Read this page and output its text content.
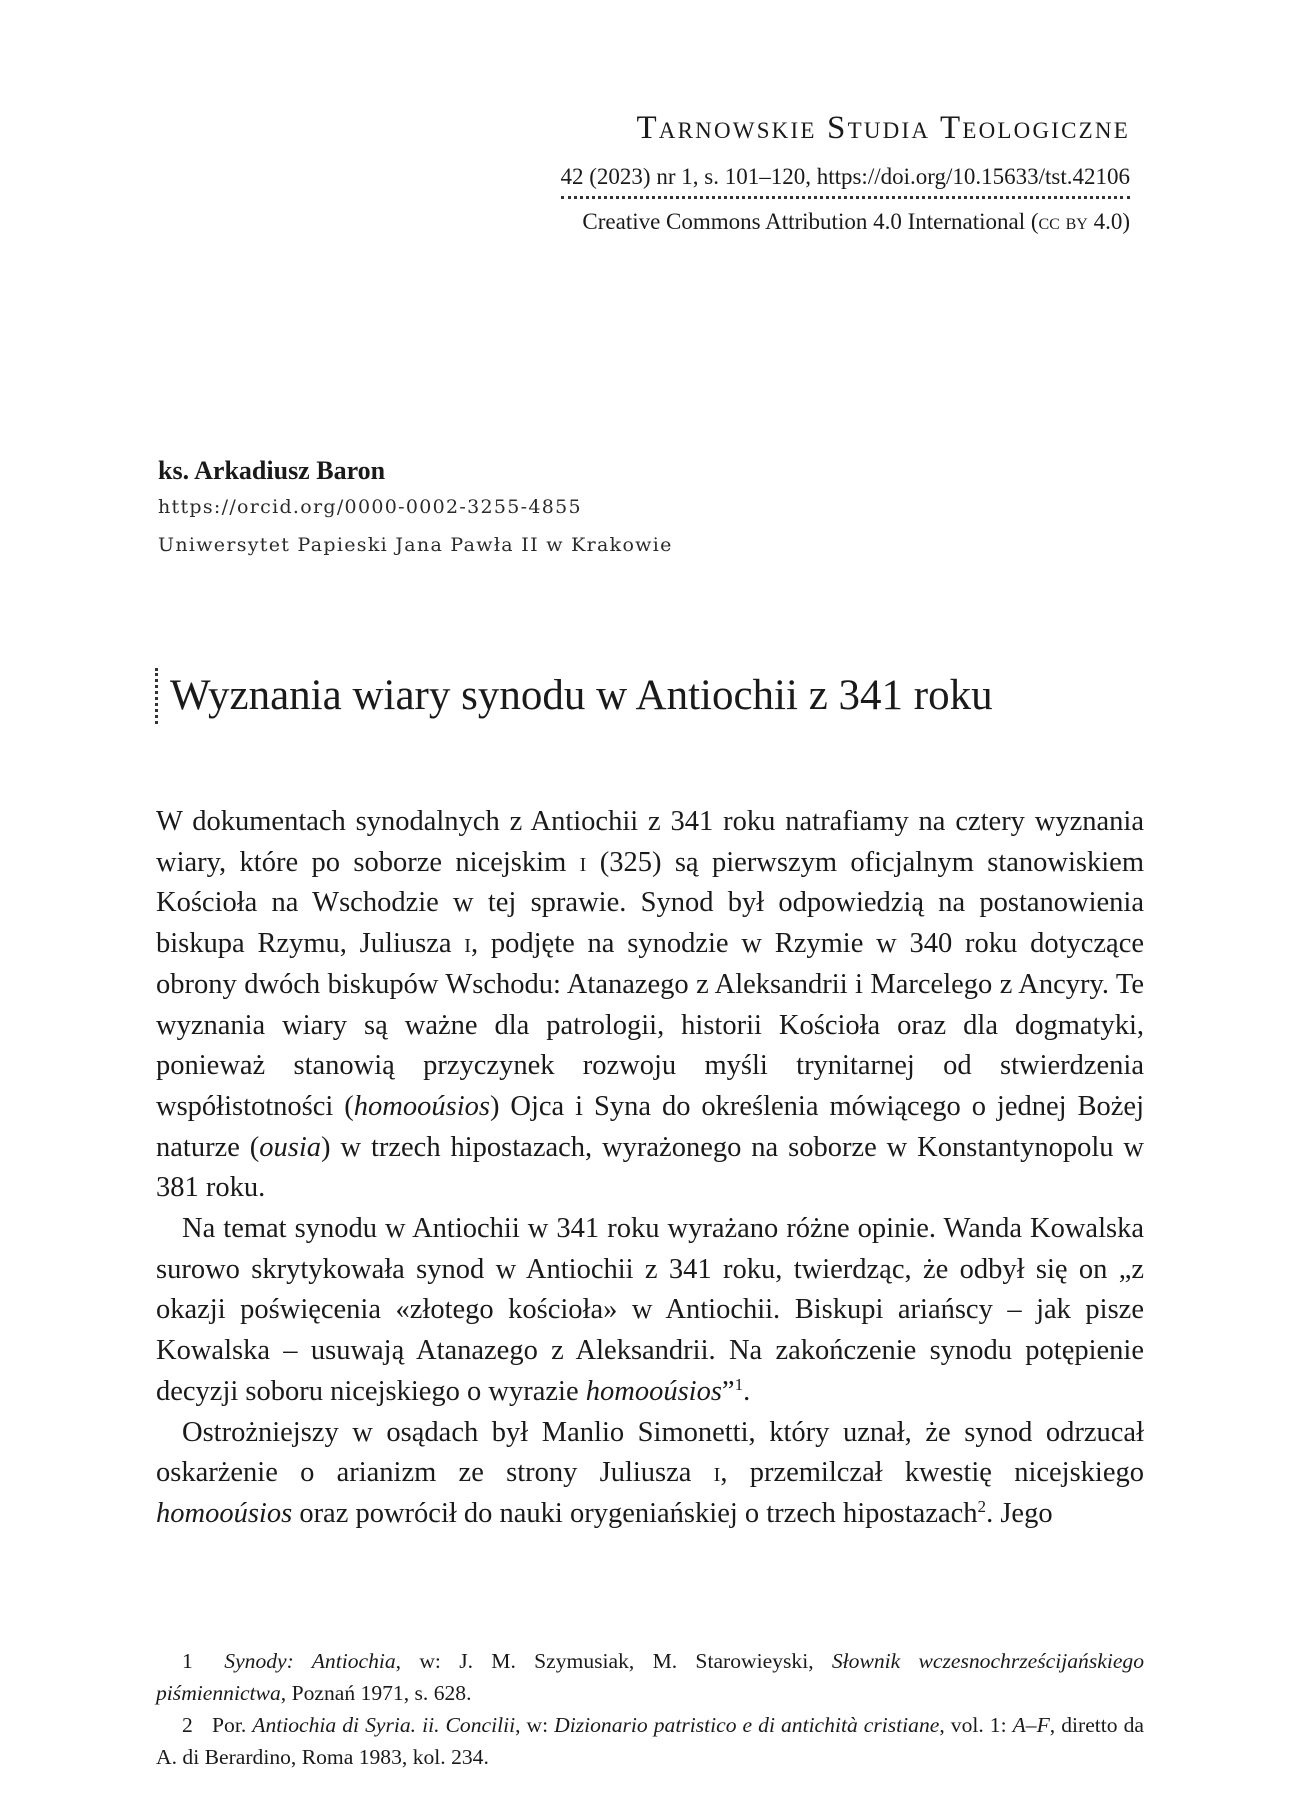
Tarnowskie Studia Teologiczne
42 (2023) nr 1, s. 101–120, https://doi.org/10.15633/tst.42106
Creative Commons Attribution 4.0 International (cc by 4.0)
ks. Arkadiusz Baron
https://orcid.org/0000-0002-3255-4855
Uniwersytet Papieski Jana Pawła II w Krakowie
Wyznania wiary synodu w Antiochii z 341 roku

W dokumentach synodalnych z Antiochii z 341 roku natrafiamy na cztery wyznania wiary, które po soborze nicejskim i (325) są pierwszym oficjalnym stanowiskiem Kościoła na Wschodzie w tej sprawie. Synod był odpowiedzią na postanowienia biskupa Rzymu, Juliusza i, podjęte na synodzie w Rzymie w 340 roku dotyczące obrony dwóch biskupów Wschodu: Atanazego z Aleksandrii i Marcelego z Ancyry. Te wyznania wiary są ważne dla patrologii, historii Kościoła oraz dla dogmatyki, ponieważ stanowią przyczynek rozwoju myśli trynitarnej od stwierdzenia współistotności (homooúsios) Ojca i Syna do określenia mówiącego o jednej Bożej naturze (ousia) w trzech hipostazach, wyrażonego na soborze w Konstantynopolu w 381 roku.

Na temat synodu w Antiochii w 341 roku wyrażano różne opinie. Wanda Kowalska surowo skrytykowała synod w Antiochii z 341 roku, twierdząc, że odbył się on „z okazji poświęcenia «złotego kościoła» w Antiochii. Biskupi ariańscy – jak pisze Kowalska – usuwają Atanazego z Aleksandrii. Na zakończenie synodu potępienie decyzji soboru nicejskiego o wyrazie homooúsios”$^1$.

Ostrożniejszy w osądach był Manlio Simonetti, który uznał, że synod odrzucał oskarżenie o arianizm ze strony Juliusza i, przemilczał kwestię nicejskiego homooúsios oraz powrócił do nauki orygeniańskiej o trzech hipostazach$^2$. Jego

1 Synody: Antiochia, w: J. M. Szymusiak, M. Starowieyski, Słownik wczesnochrześcijańskiego piśmiennictwa, Poznań 1971, s. 628.

2 Por. Antiochia di Syria. ii. Concilii, w: Dizionario patristico e di antichità cristiane, vol. 1: A–F, diretto da A. di Berardino, Roma 1983, kol. 234.
